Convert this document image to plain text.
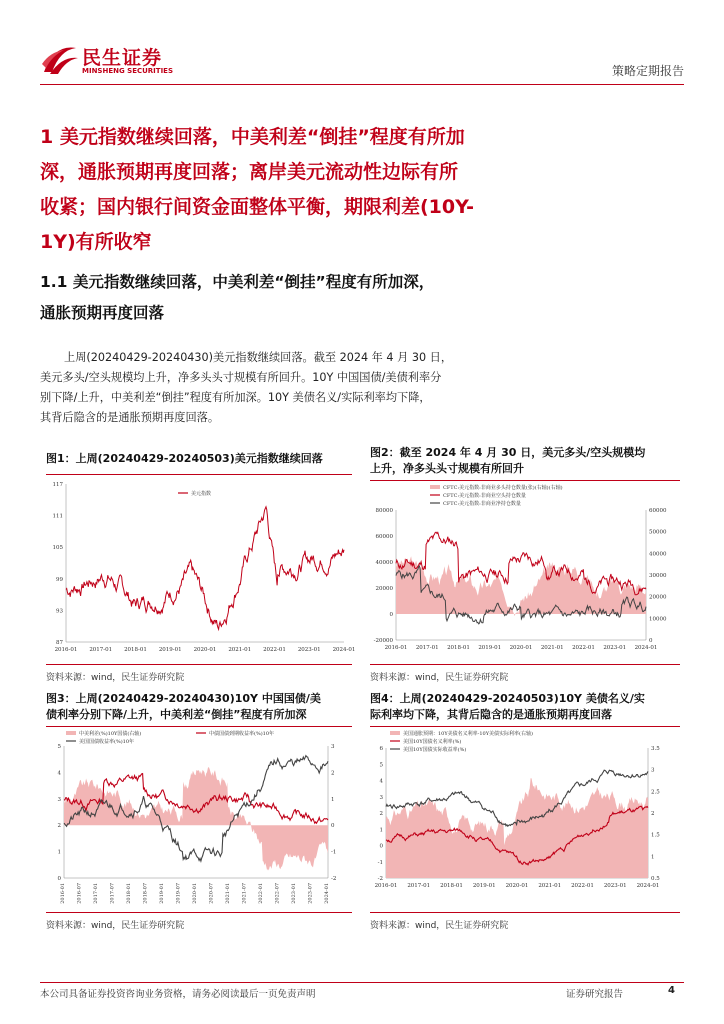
民生证券
MINSHENG SECURITIES	策略定期报告
1 美元指数继续回落，中美利差“倒挂”程度有所加
深，通胀预期再度回落；离岸美元流动性边际有所
收紧；国内银行间资金面整体平衡，期限利差(10Y-
1Y)有所收窄
1.1 美元指数继续回落，中美利差“倒挂”程度有所加深，
通胀预期再度回落
上周(20240429-20240430)美元指数继续回落。截至 2024 年 4 月 30 日，
美元多头/空头规模均上升，净多头头寸规模有所回升。10Y 中国国债/美债利率分
别下降/上升，中美利差“倒挂”程度有所加深。10Y 美债名义/实际利率均下降，
其背后隐含的是通胀预期再度回落。
图1：上周(20240429-20240503)美元指数继续回落
117
111
105
99
93
87
2016-01 2017-01 2018-01 2019-01 2020-01 2021-01 2022-01 2023-01 2024-01
美元指数
资料来源：wind，民生证券研究院
图2：截至 2024 年 4 月 30 日，美元多头/空头规模均
上升，净多头头寸规模有所回升
80000
60000
40000
20000
0
-20000
60000
50000
40000
30000
20000
10000
0
2016-01 2017-01 2018-01 2019-01 2020-01 2021-01 2022-01 2023-01 2024-01
CFTC:美元指数:非商业多头持仓数量(张)(右轴)(右轴)
CFTC:美元指数:非商业空头持仓数量
CFTC:美元指数:非商业净持仓数量
资料来源：wind，民生证券研究院
图3：上周(20240429-20240430)10Y 中国国债/美
债利率分别下降/上升，中美利差“倒挂”程度有所加深
5
4
3
2
1
0
3
2
1
0
-1
-2
2016-01 2016-07 2017-01 2017-07 2018-01 2018-07 2019-01 2019-07 2020-01 2020-07 2021-01 2021-07 2022-01 2022-07 2023-01 2023-07 2024-01
中美利差(%)10Y国债(右轴)	中债国债到期收益率(%)10年
美国国债收益率(%)10年
资料来源：wind，民生证券研究院
图4：上周(20240429-20240503)10Y 美债名义/实
际利率均下降，其背后隐含的是通胀预期再度回落
6
5
4
3
2
1
0
-1
-2
3.5
3
2.5
2
1.5
1
0.5
2016-01 2017-01 2018-01 2019-01 2020-01 2021-01 2022-01 2023-01 2024-01
美国通胀预期：10Y美债名义利率-10Y美债实际利率(右轴)
美国10Y国债名义利率(%)
美国10Y国债实际收益率(%)
资料来源：wind，民生证券研究院
本公司具备证券投资咨询业务资格，请务必阅读最后一页免责声明	证券研究报告	4
